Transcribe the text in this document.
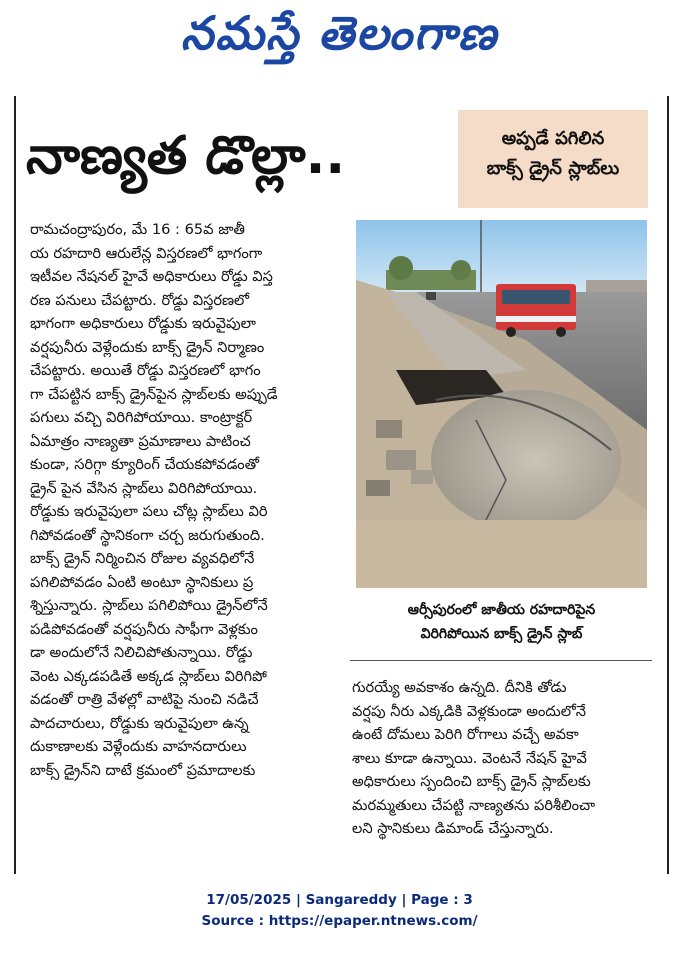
నమస్తే తెలంగాణ
నాణ్యత డొల్లా..	అప్పడే పగిలిన
బాక్స్ డ్రైన్ స్లాబ్‌లు

రామచంద్రాపురం, మే 16 : 65వ జాతీ

య రహదారి ఆరులేన్ల విస్తరణలో భాగంగా

ఇటీవల నేషనల్ హైవే అధికారులు రోడ్డు విస్త

రణ పనులు చేపట్టారు. రోడ్డు విస్తరణలో

భాగంగా అధికారులు రోడ్డుకు ఇరువైపులా

వర్షపునీరు వెళ్లేందుకు బాక్స్ డ్రైన్ నిర్మాణం

చేపట్టారు. అయితే రోడ్డు విస్తరణలో భాగం

గా చేపట్టిన బాక్స్ డ్రైన్‌పైన స్లాబ్‌లకు అప్పుడే

పగులు వచ్చి విరిగిపోయాయి. కాంట్రాక్టర్

ఏమాత్రం నాణ్యతా ప్రమాణాలు పాటించ

కుండా, సరిగ్గా క్యూరింగ్ చేయకపోవడంతో

డ్రైన్ పైన వేసిన స్లాబ్‌లు విరిగిపోయాయి.

రోడ్డుకు ఇరువైపులా పలు చోట్ల స్లాబ్‌లు విరి

గిపోవడంతో స్థానికంగా చర్చ జరుగుతుంది.

బాక్స్ డ్రైన్ నిర్మించిన రోజుల వ్యవధిలోనే

పగిలిపోవడం ఏంటి అంటూ స్థానికులు ప్ర

శ్నిస్తున్నారు. స్లాబ్‌లు పగిలిపోయి డ్రైన్‌లోనే

పడిపోవడంతో వర్షపునీరు సాఫీగా వెళ్లకుం

డా అందులోనే నిలిచిపోతున్నాయి. రోడ్డు

వెంట ఎక్కడపడితే అక్కడ స్లాబ్‌లు విరిగిపో

వడంతో రాత్రి వేళల్లో వాటిపై నుంచి నడిచే

పాదచారులు, రోడ్డుకు ఇరువైపులా ఉన్న

దుకాణాలకు వెళ్లేందుకు వాహనదారులు

బాక్స్ డ్రైన్‌ని దాటే క్రమంలో ప్రమాదాలకు

ఆర్సీపురంలో జాతీయ రహదారిపైన
విరిగిపోయిన బాక్స్ డ్రైన్ స్లాబ్

గురయ్యే అవకాశం ఉన్నది. దీనికి తోడు

వర్షపు నీరు ఎక్కడికి వెళ్లకుండా అందులోనే

ఉంటే దోమలు పెరిగి రోగాలు వచ్చే అవకా

శాలు కూడా ఉన్నాయి. వెంటనే నేషన్ హైవే

అధికారులు స్పందించి బాక్స్ డ్రైన్ స్లాబ్‌లకు

మరమ్మతులు చేపట్టి నాణ్యతను పరిశీలించా

లని స్థానికులు డిమాండ్ చేస్తున్నారు.

17/05/2025 | Sangareddy | Page : 3
Source : https://epaper.ntnews.com/
